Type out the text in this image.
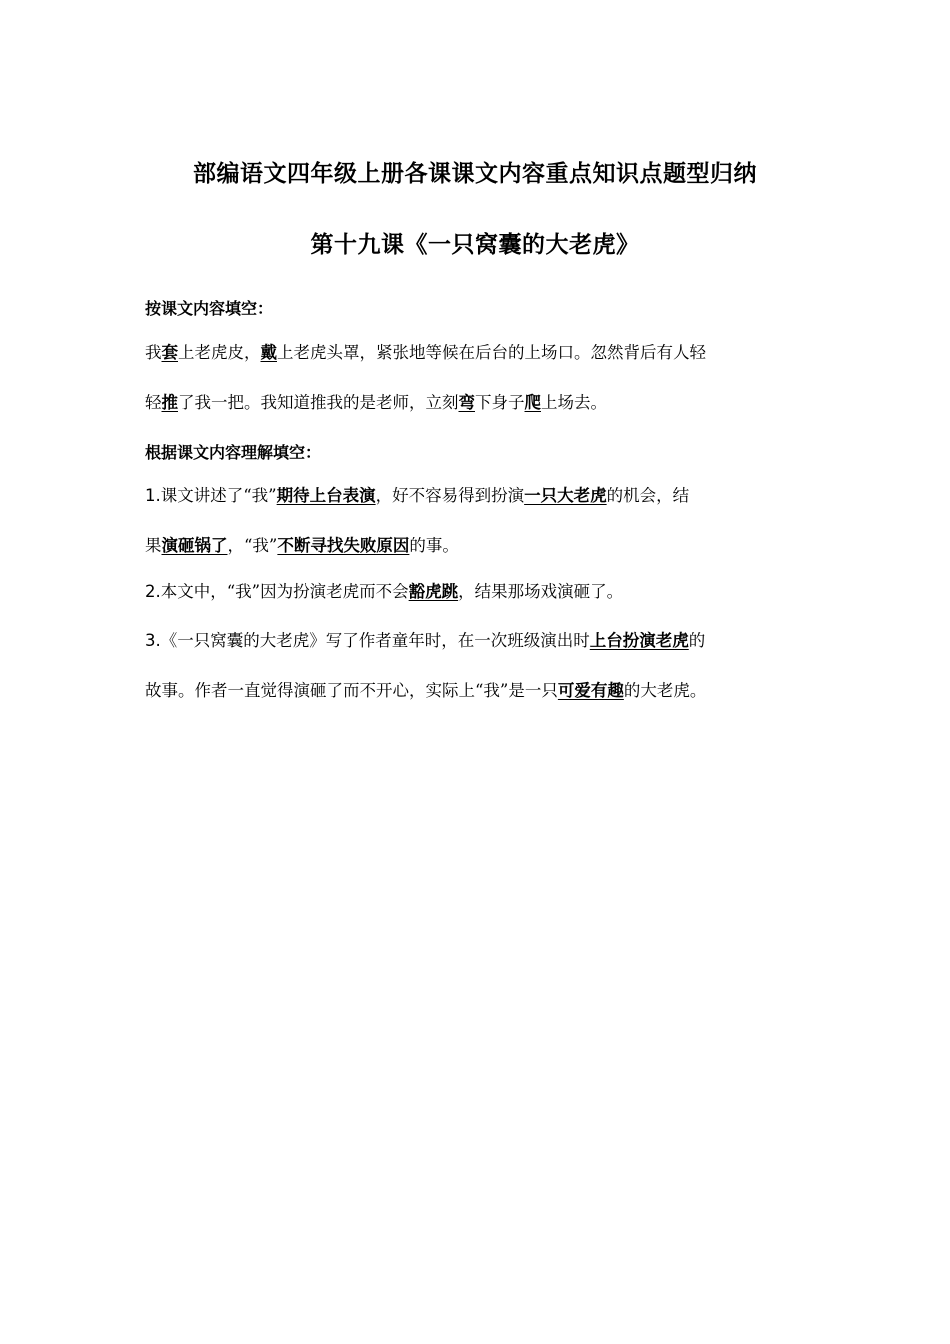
部编语文四年级上册各课课文内容重点知识点题型归纳
第十九课《一只窝囊的大老虎》

按课文内容填空：

我套上老虎皮，戴上老虎头罩，紧张地等候在后台的上场口。忽然背后有人轻

轻推了我一把。我知道推我的是老师，立刻弯下身子爬上场去。

根据课文内容理解填空：

1.课文讲述了“我”期待上台表演，好不容易得到扮演一只大老虎的机会，结

果演砸锅了，“我”不断寻找失败原因的事。

2.本文中，“我”因为扮演老虎而不会豁虎跳，结果那场戏演砸了。

3.《一只窝囊的大老虎》写了作者童年时，在一次班级演出时上台扮演老虎的

故事。作者一直觉得演砸了而不开心，实际上“我”是一只可爱有趣的大老虎。
